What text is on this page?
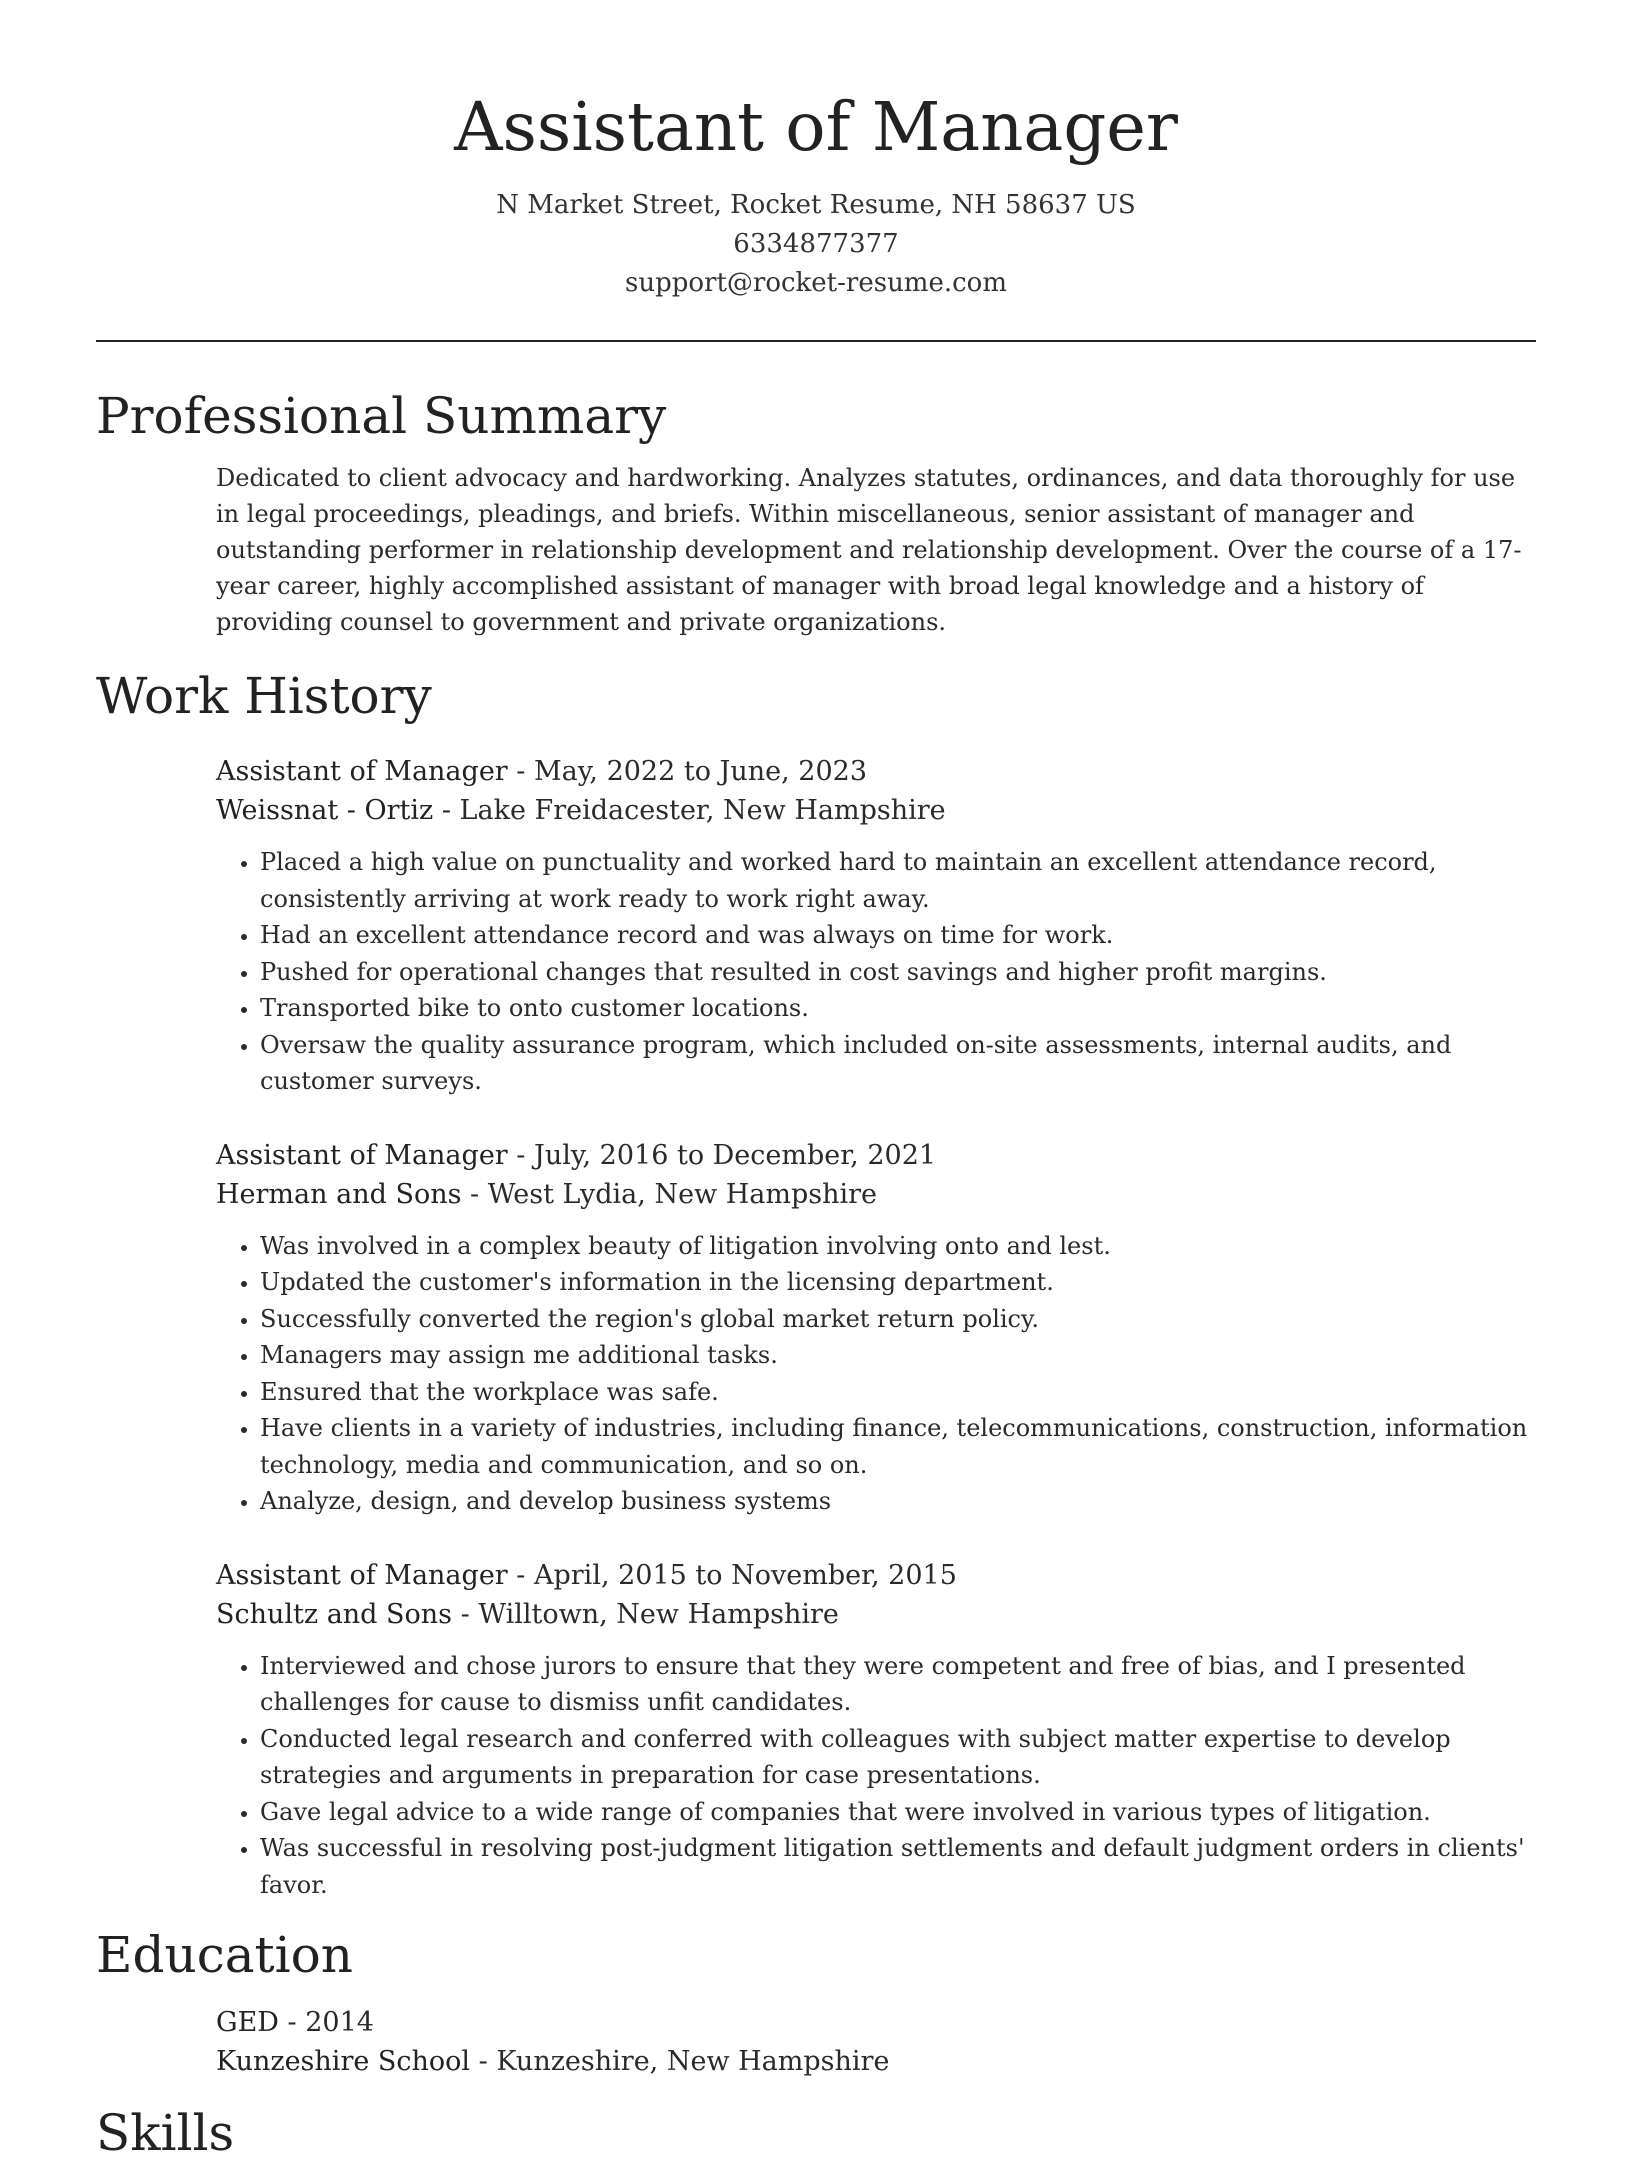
Assistant of Manager
N Market Street, Rocket Resume, NH 58637 US
6334877377
support@rocket-resume.com
Professional Summary

Dedicated to client advocacy and hardworking. Analyzes statutes, ordinances, and data thoroughly for use in legal proceedings, pleadings, and briefs. Within miscellaneous, senior assistant of manager and outstanding performer in relationship development and relationship development. Over the course of a 17-year career, highly accomplished assistant of manager with broad legal knowledge and a history of providing counsel to government and private organizations.

Work History

Assistant of Manager - May, 2022 to June, 2023

Weissnat - Ortiz - Lake Freidacester, New Hampshire

• Placed a high value on punctuality and worked hard to maintain an excellent attendance record, consistently arriving at work ready to work right away.
• Had an excellent attendance record and was always on time for work.
• Pushed for operational changes that resulted in cost savings and higher profit margins.
• Transported bike to onto customer locations.
• Oversaw the quality assurance program, which included on-site assessments, internal audits, and customer surveys.

Assistant of Manager - July, 2016 to December, 2021

Herman and Sons - West Lydia, New Hampshire

• Was involved in a complex beauty of litigation involving onto and lest.
• Updated the customer's information in the licensing department.
• Successfully converted the region's global market return policy.
• Managers may assign me additional tasks.
• Ensured that the workplace was safe.
• Have clients in a variety of industries, including finance, telecommunications, construction, information technology, media and communication, and so on.
• Analyze, design, and develop business systems

Assistant of Manager - April, 2015 to November, 2015

Schultz and Sons - Willtown, New Hampshire

• Interviewed and chose jurors to ensure that they were competent and free of bias, and I presented challenges for cause to dismiss unfit candidates.
• Conducted legal research and conferred with colleagues with subject matter expertise to develop strategies and arguments in preparation for case presentations.
• Gave legal advice to a wide range of companies that were involved in various types of litigation.
• Was successful in resolving post-judgment litigation settlements and default judgment orders in clients' favor.
Education

GED - 2014

Kunzeshire School - Kunzeshire, New Hampshire

Skills
